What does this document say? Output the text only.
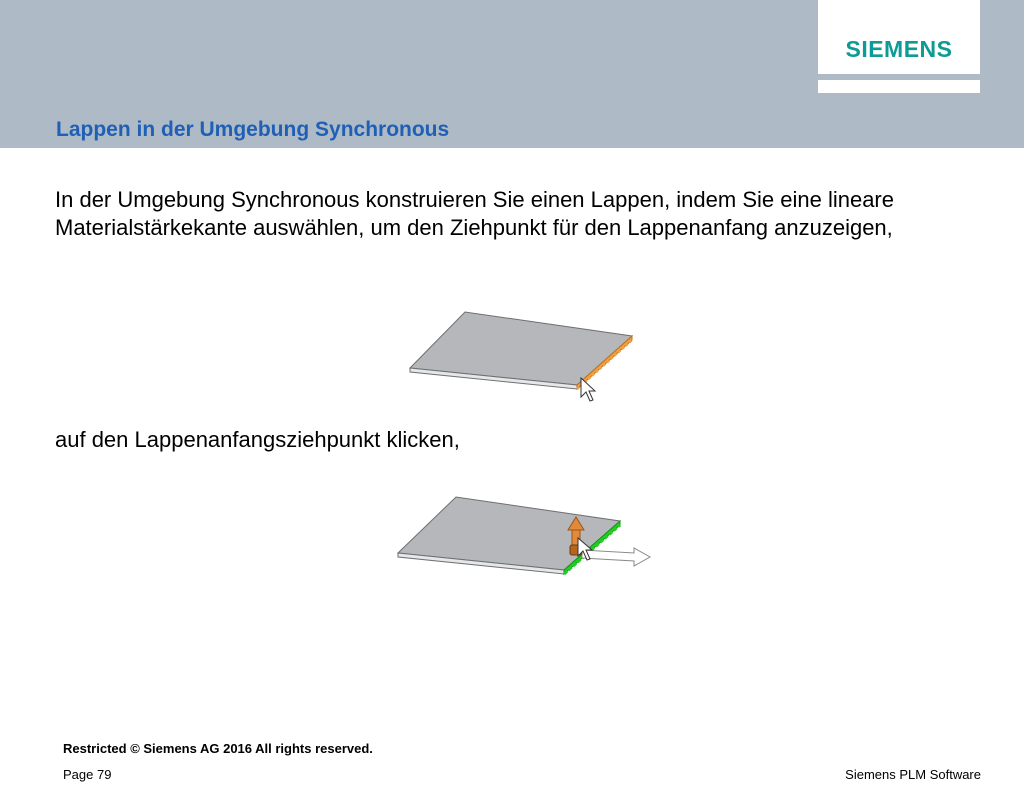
SIEMENS
Lappen in der Umgebung Synchronous
In der Umgebung Synchronous konstruieren Sie einen Lappen, indem Sie eine lineare Materialstärkekante auswählen, um den Ziehpunkt für den Lappenanfang anzuzeigen,
auf den Lappenanfangsziehpunkt klicken,
Restricted © Siemens AG 2016 All rights reserved.
Page 79	Siemens PLM Software
